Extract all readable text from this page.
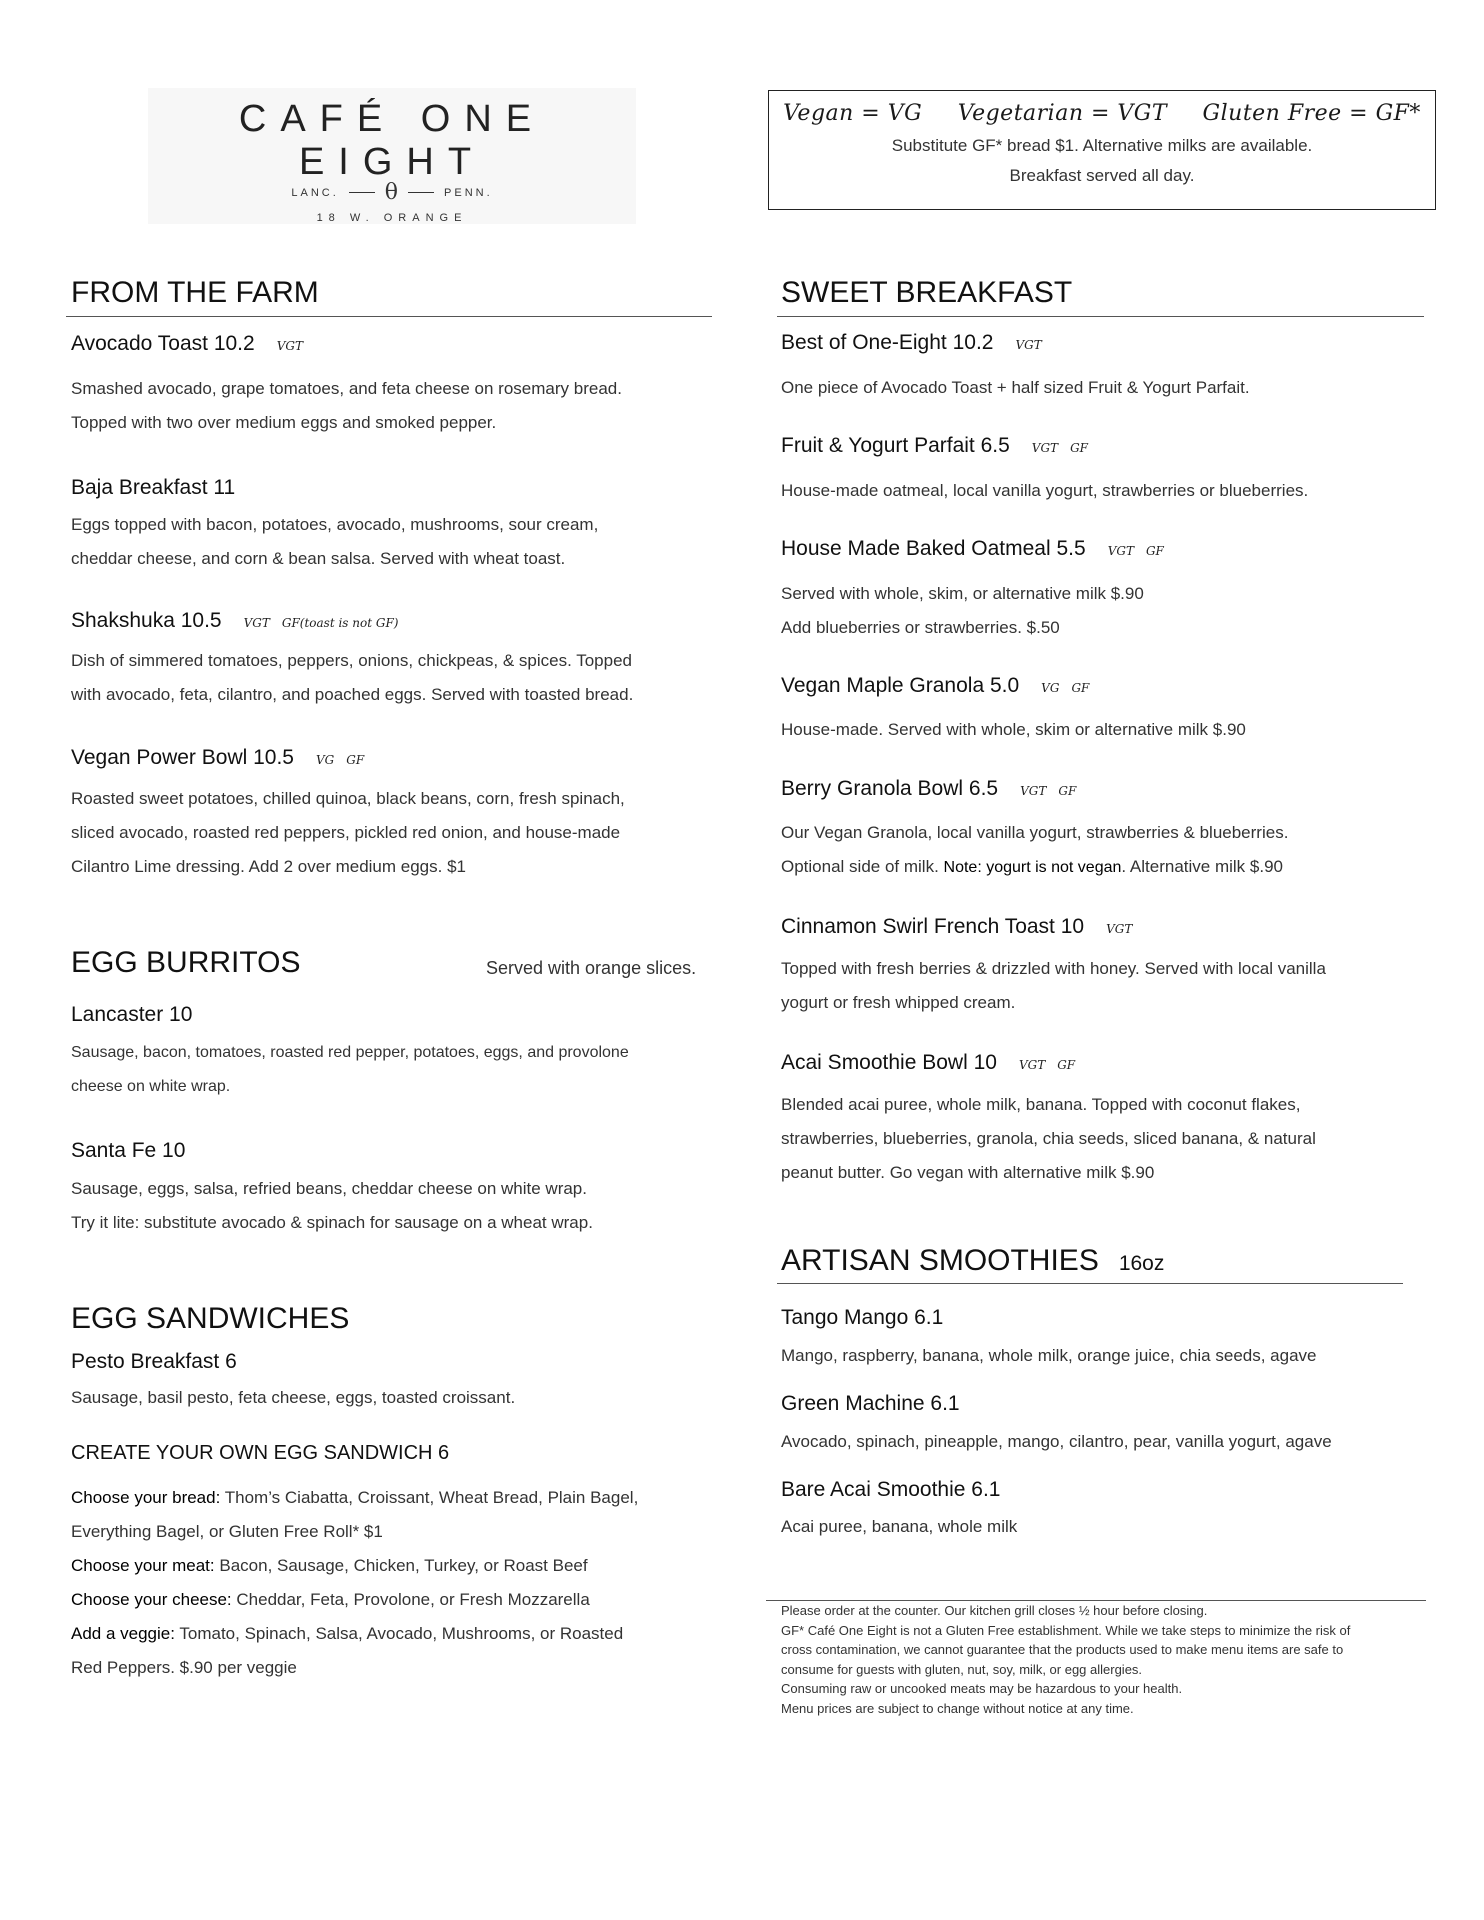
CAFÉ ONE EIGHT
LANC. θ	PENN.
18 W. ORANGE
Vegan = VG Vegetarian = VGT Gluten Free = GF*
Substitute GF* bread $1. Alternative milks are available.
Breakfast served all day.
FROM THE FARM
Avocado Toast 10.2 VGT
Smashed avocado, grape tomatoes, and feta cheese on rosemary bread.
Topped with two over medium eggs and smoked pepper.
Baja Breakfast 11
Eggs topped with bacon, potatoes, avocado, mushrooms, sour cream,
cheddar cheese, and corn & bean salsa. Served with wheat toast.
Shakshuka 10.5 VGT GF(toast is not GF)
Dish of simmered tomatoes, peppers, onions, chickpeas, & spices. Topped
with avocado, feta, cilantro, and poached eggs. Served with toasted bread.
Vegan Power Bowl 10.5 VG GF
Roasted sweet potatoes, chilled quinoa, black beans, corn, fresh spinach,
sliced avocado, roasted red peppers, pickled red onion, and house-made
Cilantro Lime dressing. Add 2 over medium eggs. $1
EGG BURRITOS	Served with orange slices.
Lancaster 10
Sausage, bacon, tomatoes, roasted red pepper, potatoes, eggs, and provolone
cheese on white wrap.
Santa Fe 10
Sausage, eggs, salsa, refried beans, cheddar cheese on white wrap.
Try it lite: substitute avocado & spinach for sausage on a wheat wrap.
EGG SANDWICHES
Pesto Breakfast 6
Sausage, basil pesto, feta cheese, eggs, toasted croissant.
CREATE YOUR OWN EGG SANDWICH 6
Choose your bread: Thom’s Ciabatta, Croissant, Wheat Bread, Plain Bagel,
Everything Bagel, or Gluten Free Roll* $1
Choose your meat: Bacon, Sausage, Chicken, Turkey, or Roast Beef
Choose your cheese: Cheddar, Feta, Provolone, or Fresh Mozzarella
Add a veggie: Tomato, Spinach, Salsa, Avocado, Mushrooms, or Roasted
Red Peppers. $.90 per veggie
SWEET BREAKFAST
Best of One-Eight 10.2 VGT
One piece of Avocado Toast + half sized Fruit & Yogurt Parfait.
Fruit & Yogurt Parfait 6.5 VGT GF
House-made oatmeal, local vanilla yogurt, strawberries or blueberries.
House Made Baked Oatmeal 5.5 VGT GF
Served with whole, skim, or alternative milk $.90
Add blueberries or strawberries. $.50
Vegan Maple Granola 5.0 VG GF
House-made. Served with whole, skim or alternative milk $.90
Berry Granola Bowl 6.5 VGT GF
Our Vegan Granola, local vanilla yogurt, strawberries & blueberries.
Optional side of milk. Note: yogurt is not vegan. Alternative milk $.90
Cinnamon Swirl French Toast 10 VGT
Topped with fresh berries & drizzled with honey. Served with local vanilla
yogurt or fresh whipped cream.
Acai Smoothie Bowl 10 VGT GF
Blended acai puree, whole milk, banana. Topped with coconut flakes,
strawberries, blueberries, granola, chia seeds, sliced banana, & natural
peanut butter. Go vegan with alternative milk $.90
ARTISAN SMOOTHIES 16oz
Tango Mango 6.1
Mango, raspberry, banana, whole milk, orange juice, chia seeds, agave
Green Machine 6.1
Avocado, spinach, pineapple, mango, cilantro, pear, vanilla yogurt, agave
Bare Acai Smoothie 6.1
Acai puree, banana, whole milk
Please order at the counter. Our kitchen grill closes ½ hour before closing.
GF* Café One Eight is not a Gluten Free establishment. While we take steps to minimize the risk of
cross contamination, we cannot guarantee that the products used to make menu items are safe to
consume for guests with gluten, nut, soy, milk, or egg allergies.
Consuming raw or uncooked meats may be hazardous to your health.
Menu prices are subject to change without notice at any time.
